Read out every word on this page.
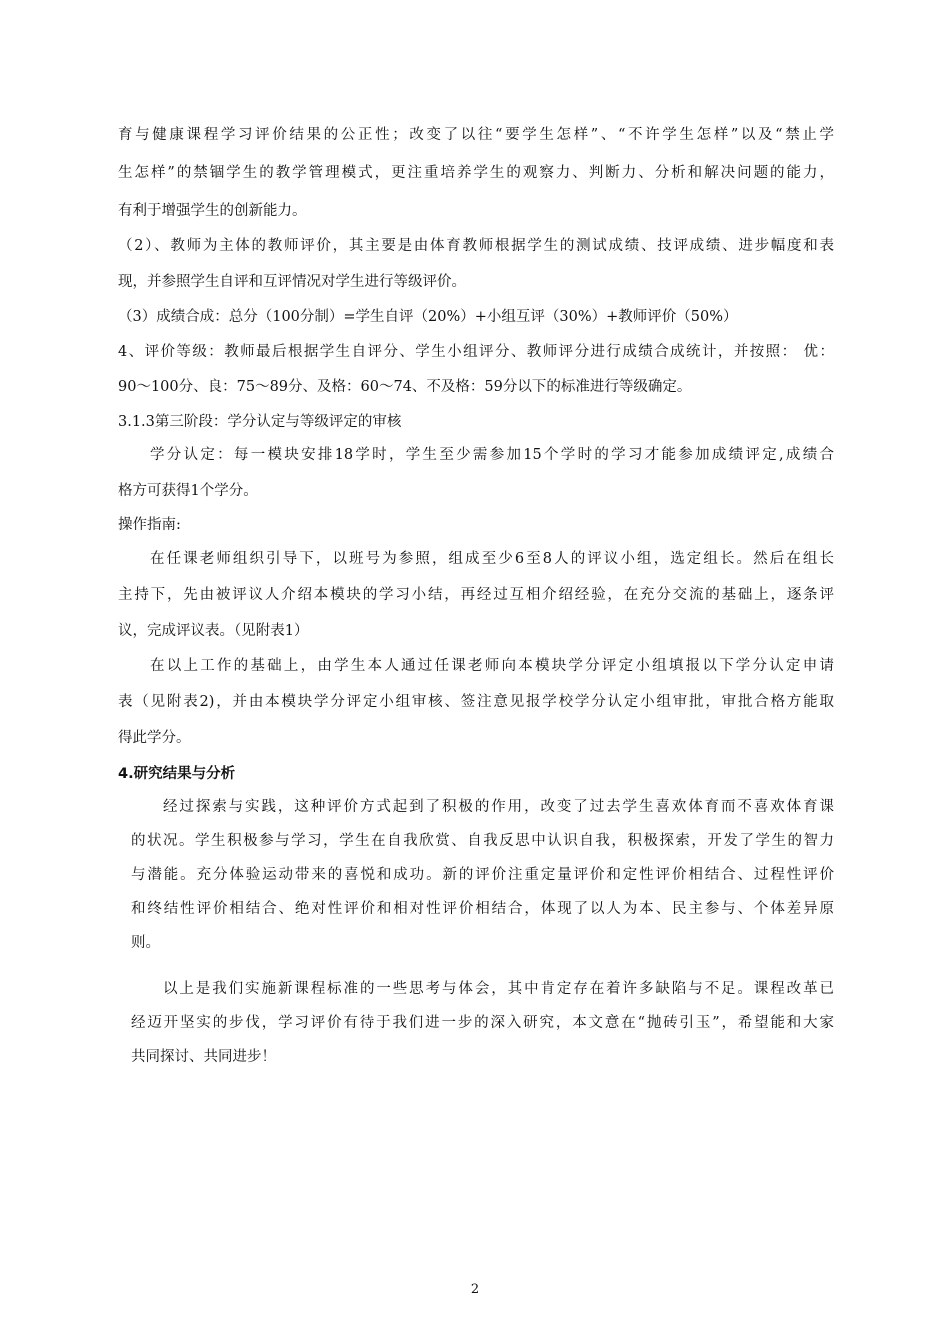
育与健康课程学习评价结果的公正性；改变了以往“要学生怎样”、“不许学生怎样”以及“禁止学
生怎样”的禁锢学生的教学管理模式，更注重培养学生的观察力、判断力、分析和解决问题的能力，
有利于增强学生的创新能力。
（2）、教师为主体的教师评价，其主要是由体育教师根据学生的测试成绩、技评成绩、进步幅度和表
现，并参照学生自评和互评情况对学生进行等级评价。
（3）成绩合成：总分（100分制）=学生自评（20%）+小组互评（30%）+教师评价（50%）
4、评价等级：教师最后根据学生自评分、学生小组评分、教师评分进行成绩合成统计，并按照： 优：
90～100分、良：75～89分、及格：60～74、不及格：59分以下的标准进行等级确定。
3.1.3第三阶段：学分认定与等级评定的审核
学分认定：每一模块安排18学时，学生至少需参加15个学时的学习才能参加成绩评定,成绩合
格方可获得1个学分。
操作指南:
在任课老师组织引导下，以班号为参照，组成至少6至8人的评议小组，选定组长。然后在组长
主持下，先由被评议人介绍本模块的学习小结，再经过互相介绍经验，在充分交流的基础上，逐条评
议，完成评议表。（见附表1）
在以上工作的基础上，由学生本人通过任课老师向本模块学分评定小组填报以下学分认定申请
表（见附表2)，并由本模块学分评定小组审核、签注意见报学校学分认定小组审批，审批合格方能取
得此学分。
4.研究结果与分析
经过探索与实践，这种评价方式起到了积极的作用，改变了过去学生喜欢体育而不喜欢体育课
的状况。学生积极参与学习，学生在自我欣赏、自我反思中认识自我，积极探索，开发了学生的智力
与潜能。充分体验运动带来的喜悦和成功。新的评价注重定量评价和定性评价相结合、过程性评价
和终结性评价相结合、绝对性评价和相对性评价相结合，体现了以人为本、民主参与、个体差异原
则。
以上是我们实施新课程标准的一些思考与体会，其中肯定存在着许多缺陷与不足。课程改革已
经迈开坚实的步伐，学习评价有待于我们进一步的深入研究，本文意在“抛砖引玉”，希望能和大家
共同探讨、共同进步！
2
